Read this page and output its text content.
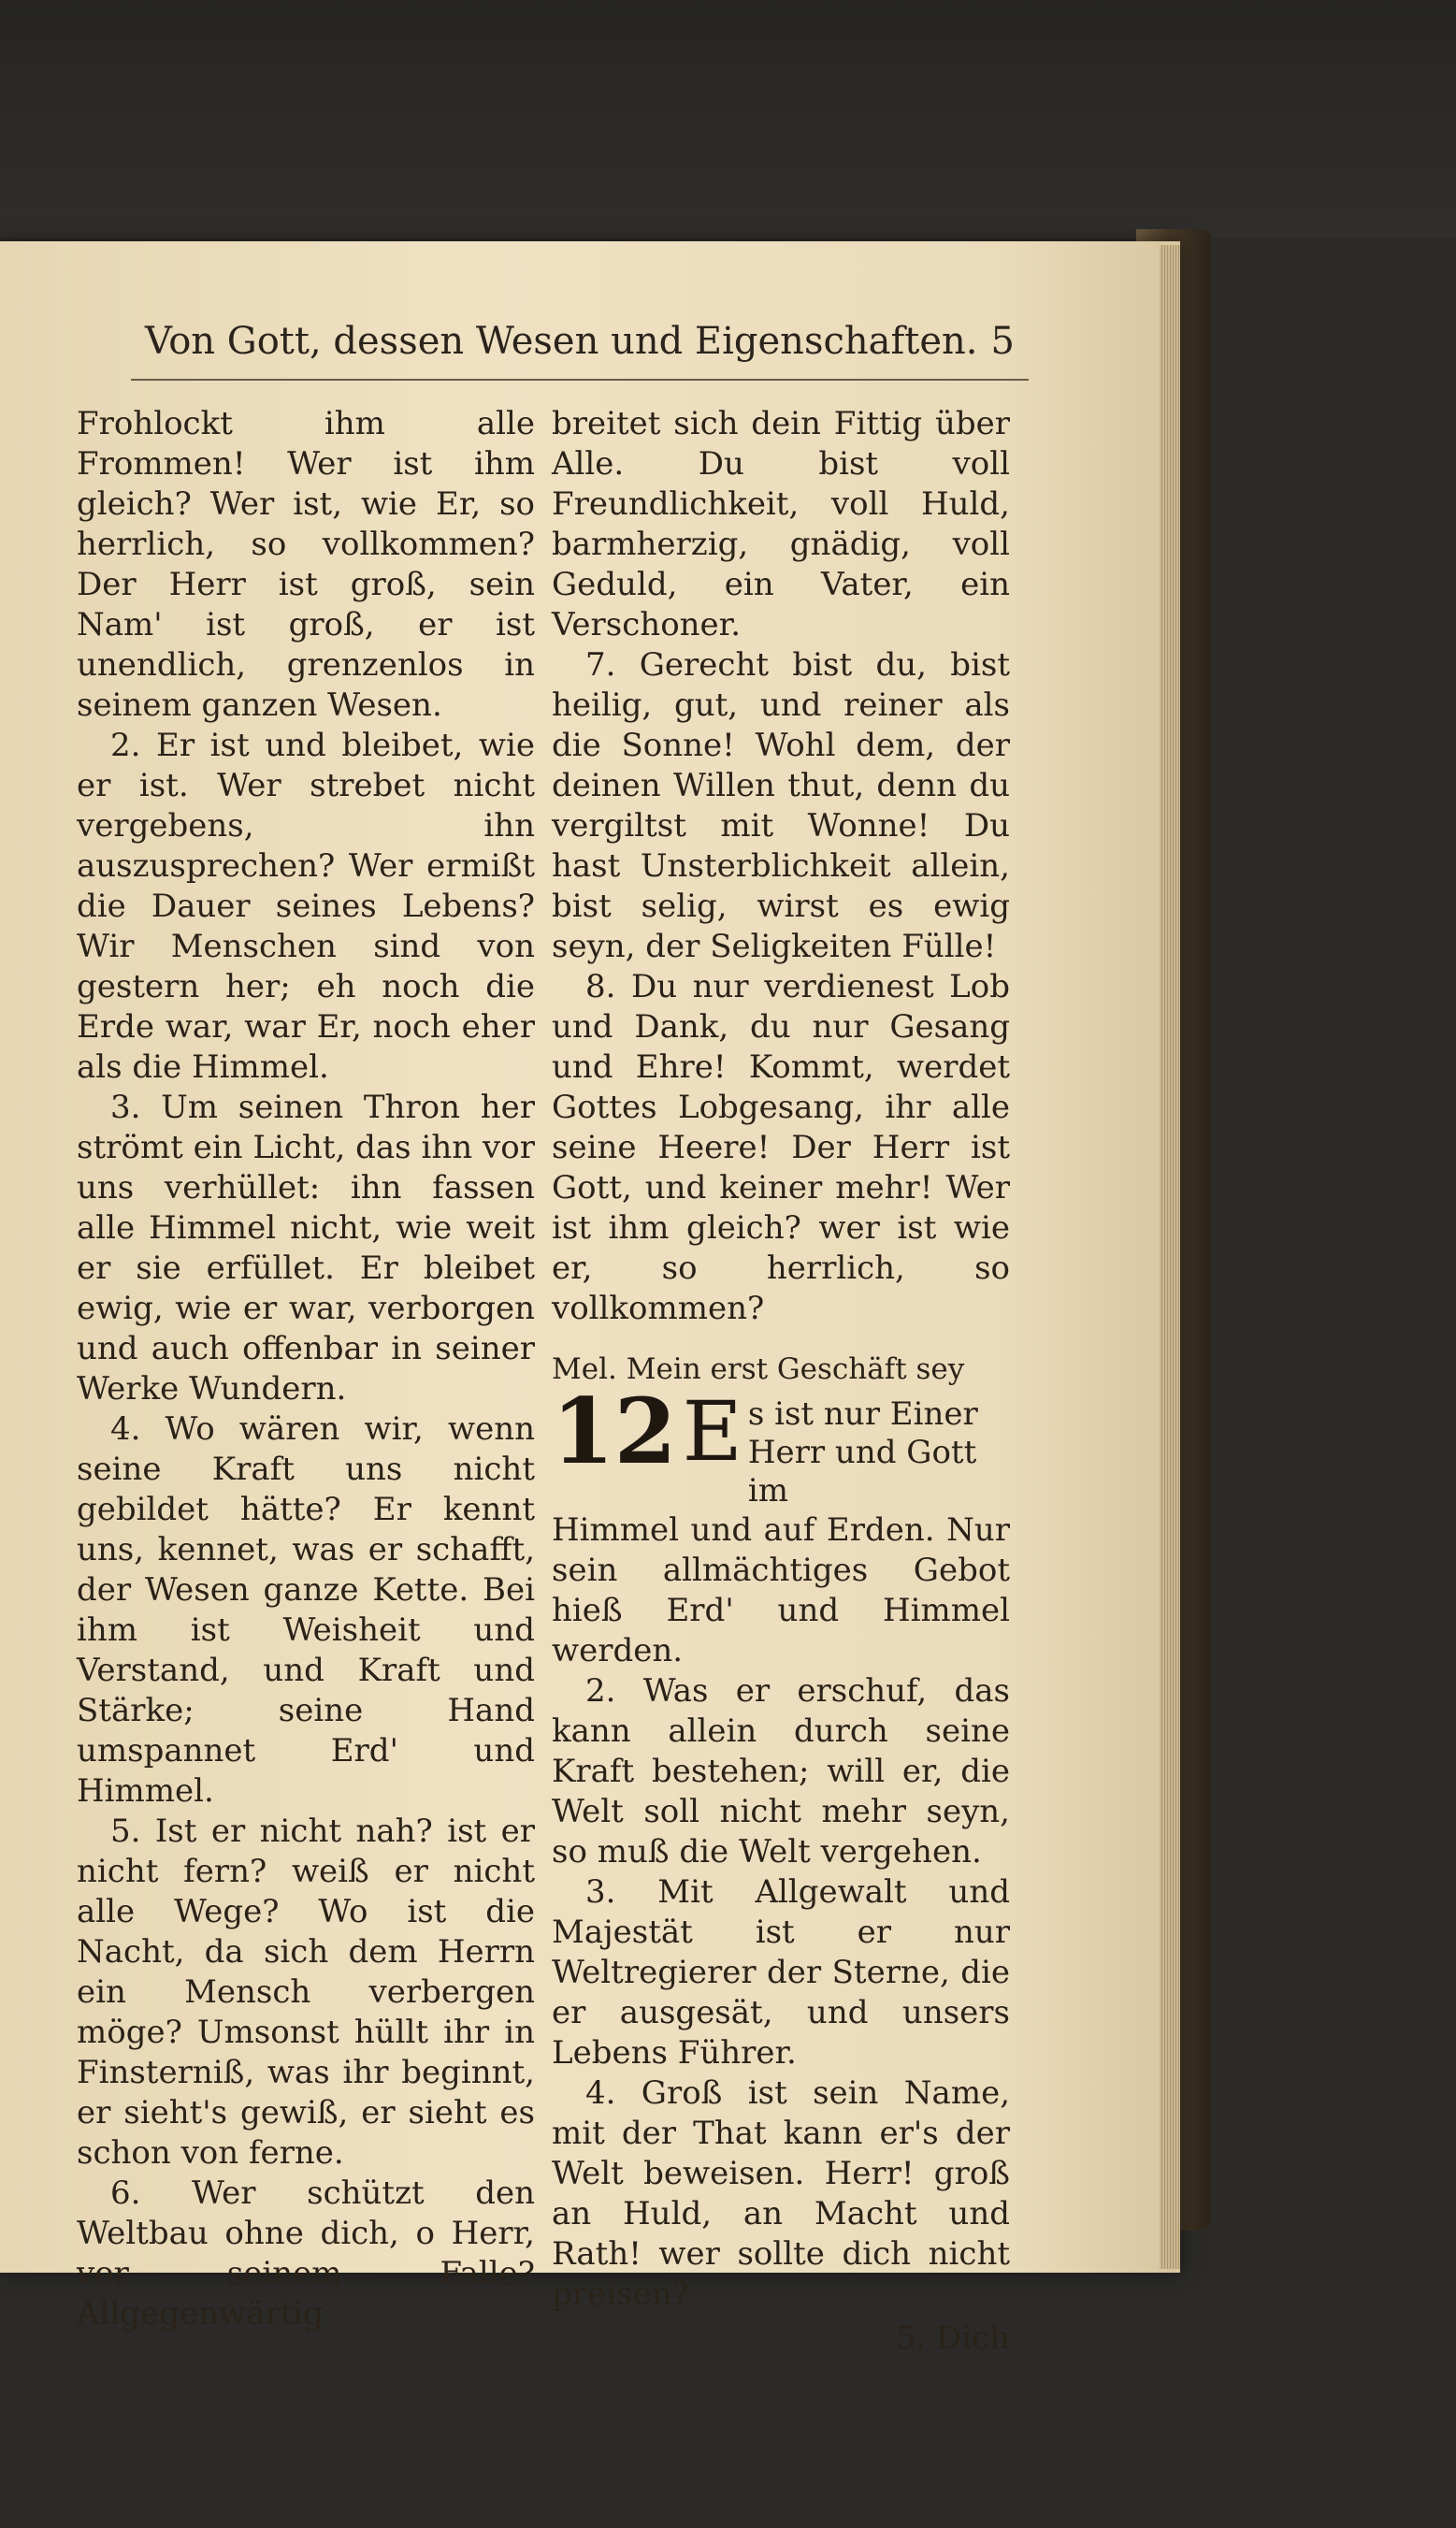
Von Gott, dessen Wesen und Eigenschaften. 5

Frohlockt ihm alle Frommen! Wer ist ihm gleich? Wer ist, wie Er, so herrlich, so vollkommen? Der Herr ist groß, sein Nam' ist groß, er ist unendlich, grenzenlos in seinem ganzen Wesen.

2. Er ist und bleibet, wie er ist. Wer strebet nicht vergebens, ihn auszusprechen? Wer ermißt die Dauer seines Lebens? Wir Menschen sind von gestern her; eh noch die Erde war, war Er, noch eher als die Himmel.

3. Um seinen Thron her strömt ein Licht, das ihn vor uns verhüllet: ihn fassen alle Himmel nicht, wie weit er sie erfüllet. Er bleibet ewig, wie er war, verborgen und auch offenbar in seiner Werke Wundern.

4. Wo wären wir, wenn seine Kraft uns nicht gebildet hätte? Er kennt uns, kennet, was er schafft, der Wesen ganze Kette. Bei ihm ist Weisheit und Verstand, und Kraft und Stärke; seine Hand umspannet Erd' und Himmel.

5. Ist er nicht nah? ist er nicht fern? weiß er nicht alle Wege? Wo ist die Nacht, da sich dem Herrn ein Mensch verbergen möge? Umsonst hüllt ihr in Finsterniß, was ihr beginnt, er sieht's gewiß, er sieht es schon von ferne.

6. Wer schützt den Weltbau ohne dich, o Herr, vor seinem Falle? Allgegenwärtig

breitet sich dein Fittig über Alle. Du bist voll Freundlichkeit, voll Huld, barmherzig, gnädig, voll Geduld, ein Vater, ein Verschoner.

7. Gerecht bist du, bist heilig, gut, und reiner als die Sonne! Wohl dem, der deinen Willen thut, denn du vergiltst mit Wonne! Du hast Unsterblichkeit allein, bist selig, wirst es ewig seyn, der Seligkeiten Fülle!

8. Du nur verdienest Lob und Dank, du nur Gesang und Ehre! Kommt, werdet Gottes Lobgesang, ihr alle seine Heere! Der Herr ist Gott, und keiner mehr! Wer ist ihm gleich? wer ist wie er, so herrlich, so vollkommen?

Mel. Mein erst Geschäft sey

12 E s ist nur Einer Herr und Gott im

Himmel und auf Erden. Nur sein allmächtiges Gebot hieß Erd' und Himmel werden.

2. Was er erschuf, das kann allein durch seine Kraft bestehen; will er, die Welt soll nicht mehr seyn, so muß die Welt vergehen.

3. Mit Allgewalt und Majestät ist er nur Weltregierer der Sterne, die er ausgesät, und unsers Lebens Führer.

4. Groß ist sein Name, mit der That kann er's der Welt beweisen. Herr! groß an Huld, an Macht und Rath! wer sollte dich nicht preisen?

5. Dich
